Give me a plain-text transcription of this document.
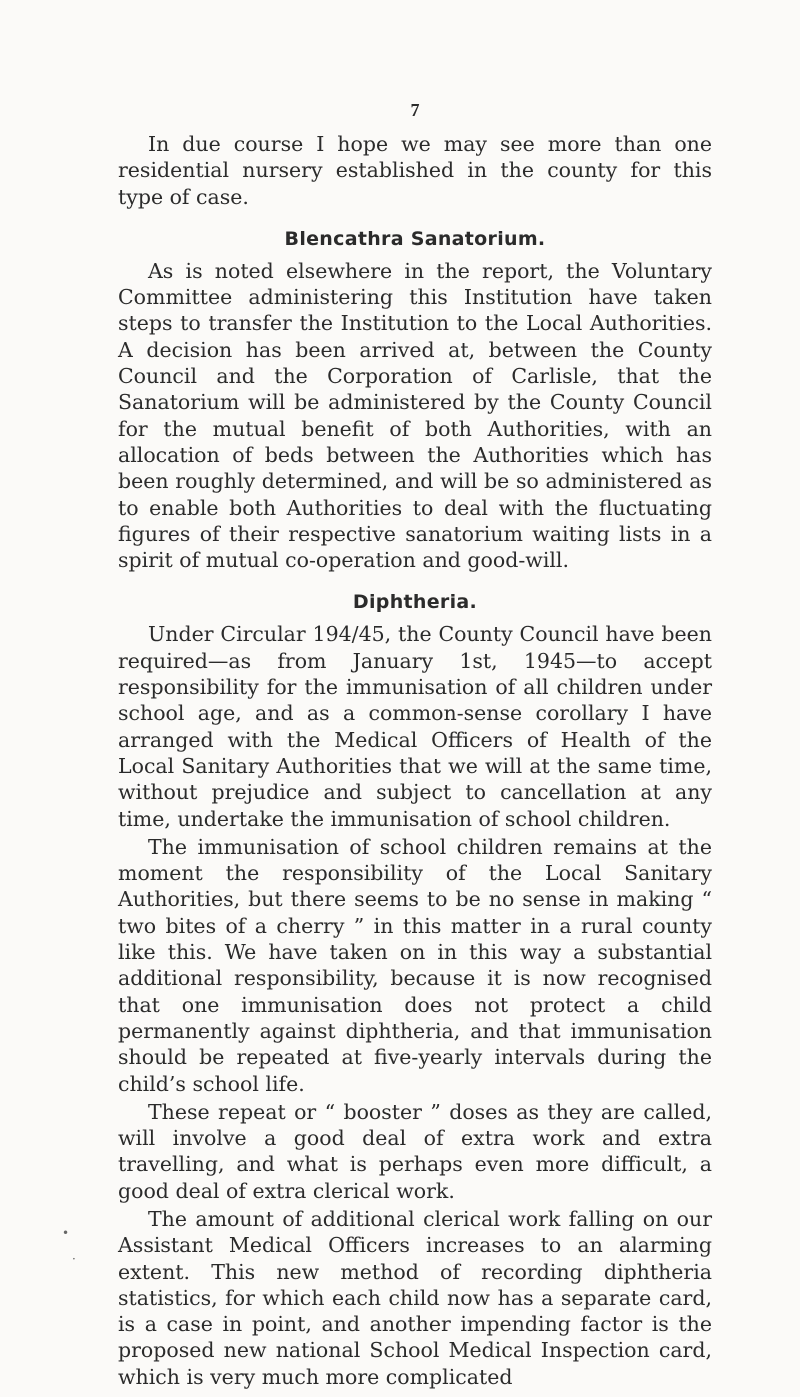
7

In due course I hope we may see more than one residential nursery established in the county for this type of case.

Blencathra Sanatorium.

As is noted elsewhere in the report, the Voluntary Committee administering this Institution have taken steps to transfer the Institution to the Local Authorities. A decision has been arrived at, between the County Council and the Corporation of Carlisle, that the Sanatorium will be administered by the County Council for the mutual benefit of both Authorities, with an allocation of beds between the Authorities which has been roughly determined, and will be so administered as to enable both Authorities to deal with the fluctuating figures of their respective sanatorium waiting lists in a spirit of mutual co-operation and good-will.

Diphtheria.

Under Circular 194/45, the County Council have been required—as from January 1st, 1945—to accept responsibility for the immunisation of all children under school age, and as a common-sense corollary I have arranged with the Medical Officers of Health of the Local Sanitary Authorities that we will at the same time, without prejudice and subject to cancellation at any time, undertake the immunisation of school children.

The immunisation of school children remains at the moment the responsibility of the Local Sanitary Authorities, but there seems to be no sense in making “ two bites of a cherry ” in this matter in a rural county like this. We have taken on in this way a substantial additional responsibility, because it is now recognised that one immunisation does not protect a child permanently against diphtheria, and that immunisation should be repeated at five-yearly intervals during the child’s school life.

These repeat or “ booster ” doses as they are called, will involve a good deal of extra work and extra travelling, and what is perhaps even more difficult, a good deal of extra clerical work.

The amount of additional clerical work falling on our Assistant Medical Officers increases to an alarming extent. This new method of recording diphtheria statistics, for which each child now has a separate card, is a case in point, and another impending factor is the proposed new national School Medical Inspection card, which is very much more complicated

•
·
